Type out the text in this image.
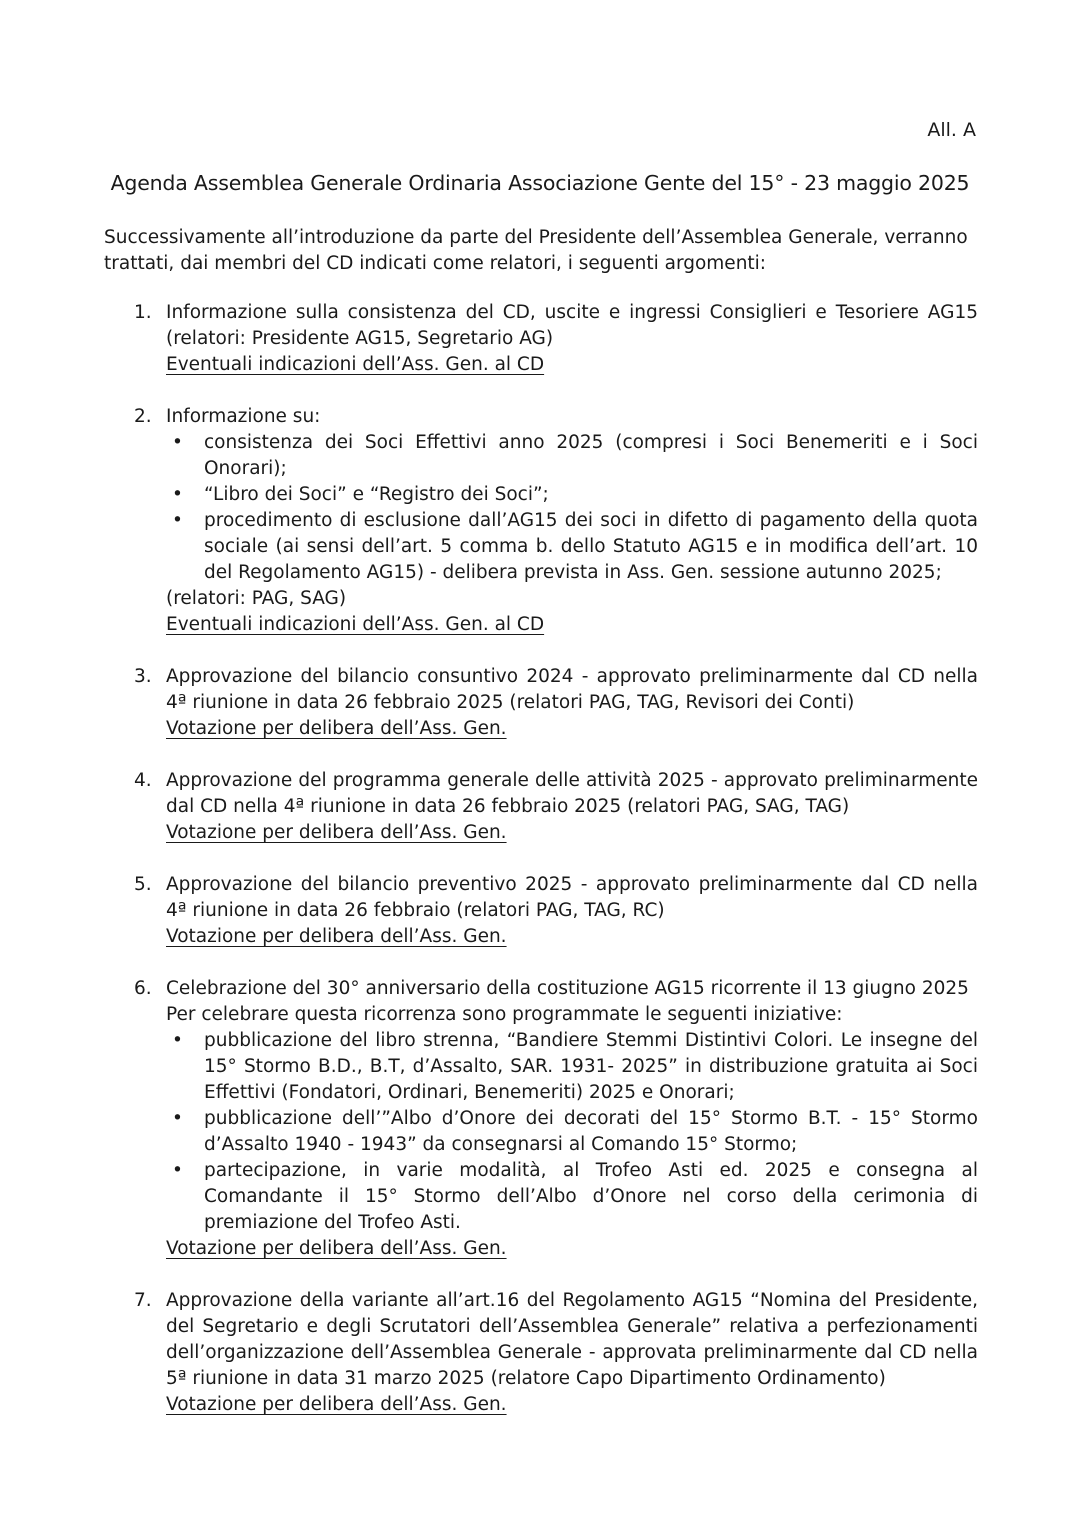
All. A
Agenda Assemblea Generale Ordinaria Associazione Gente del 15° - 23 maggio 2025

Successivamente all’introduzione da parte del Presidente dell’Assemblea Generale, verranno trattati, dai membri del CD indicati come relatori, i seguenti argomenti:

1. Informazione sulla consistenza del CD, uscite e ingressi Consiglieri e Tesoriere AG15 (relatori: Presidente AG15, Segretario AG)
Eventuali indicazioni dell’Ass. Gen. al CD
2. Informazione su:
• consistenza dei Soci Effettivi anno 2025 (compresi i Soci Benemeriti e i Soci Onorari);
• “Libro dei Soci” e “Registro dei Soci”;
• procedimento di esclusione dall’AG15 dei soci in difetto di pagamento della quota sociale (ai sensi dell’art. 5 comma b. dello Statuto AG15 e in modifica dell’art. 10 del Regolamento AG15) - delibera prevista in Ass. Gen. sessione autunno 2025;
(relatori: PAG, SAG)
Eventuali indicazioni dell’Ass. Gen. al CD
3. Approvazione del bilancio consuntivo 2024 - approvato preliminarmente dal CD nella 4ª riunione in data 26 febbraio 2025 (relatori PAG, TAG, Revisori dei Conti)
Votazione per delibera dell’Ass. Gen.
4. Approvazione del programma generale delle attività 2025 - approvato preliminarmente dal CD nella 4ª riunione in data 26 febbraio 2025 (relatori PAG, SAG, TAG)
Votazione per delibera dell’Ass. Gen.
5. Approvazione del bilancio preventivo 2025 - approvato preliminarmente dal CD nella 4ª riunione in data 26 febbraio (relatori PAG, TAG, RC)
Votazione per delibera dell’Ass. Gen.
6. Celebrazione del 30° anniversario della costituzione AG15 ricorrente il 13 giugno 2025
Per celebrare questa ricorrenza sono programmate le seguenti iniziative:
• pubblicazione del libro strenna, “Bandiere Stemmi Distintivi Colori. Le insegne del 15° Stormo B.D., B.T, d’Assalto, SAR. 1931- 2025” in distribuzione gratuita ai Soci Effettivi (Fondatori, Ordinari, Benemeriti) 2025 e Onorari;
• pubblicazione dell’”Albo d’Onore dei decorati del 15° Stormo B.T. - 15° Stormo d’Assalto 1940 - 1943” da consegnarsi al Comando 15° Stormo;
• partecipazione, in varie modalità, al Trofeo Asti ed. 2025 e consegna al Comandante il 15° Stormo dell’Albo d’Onore nel corso della cerimonia di premiazione del Trofeo Asti.
Votazione per delibera dell’Ass. Gen.
7. Approvazione della variante all’art.16 del Regolamento AG15 “Nomina del Presidente, del Segretario e degli Scrutatori dell’Assemblea Generale” relativa a perfezionamenti dell’organizzazione dell’Assemblea Generale - approvata preliminarmente dal CD nella 5ª riunione in data 31 marzo 2025 (relatore Capo Dipartimento Ordinamento)
Votazione per delibera dell’Ass. Gen.
